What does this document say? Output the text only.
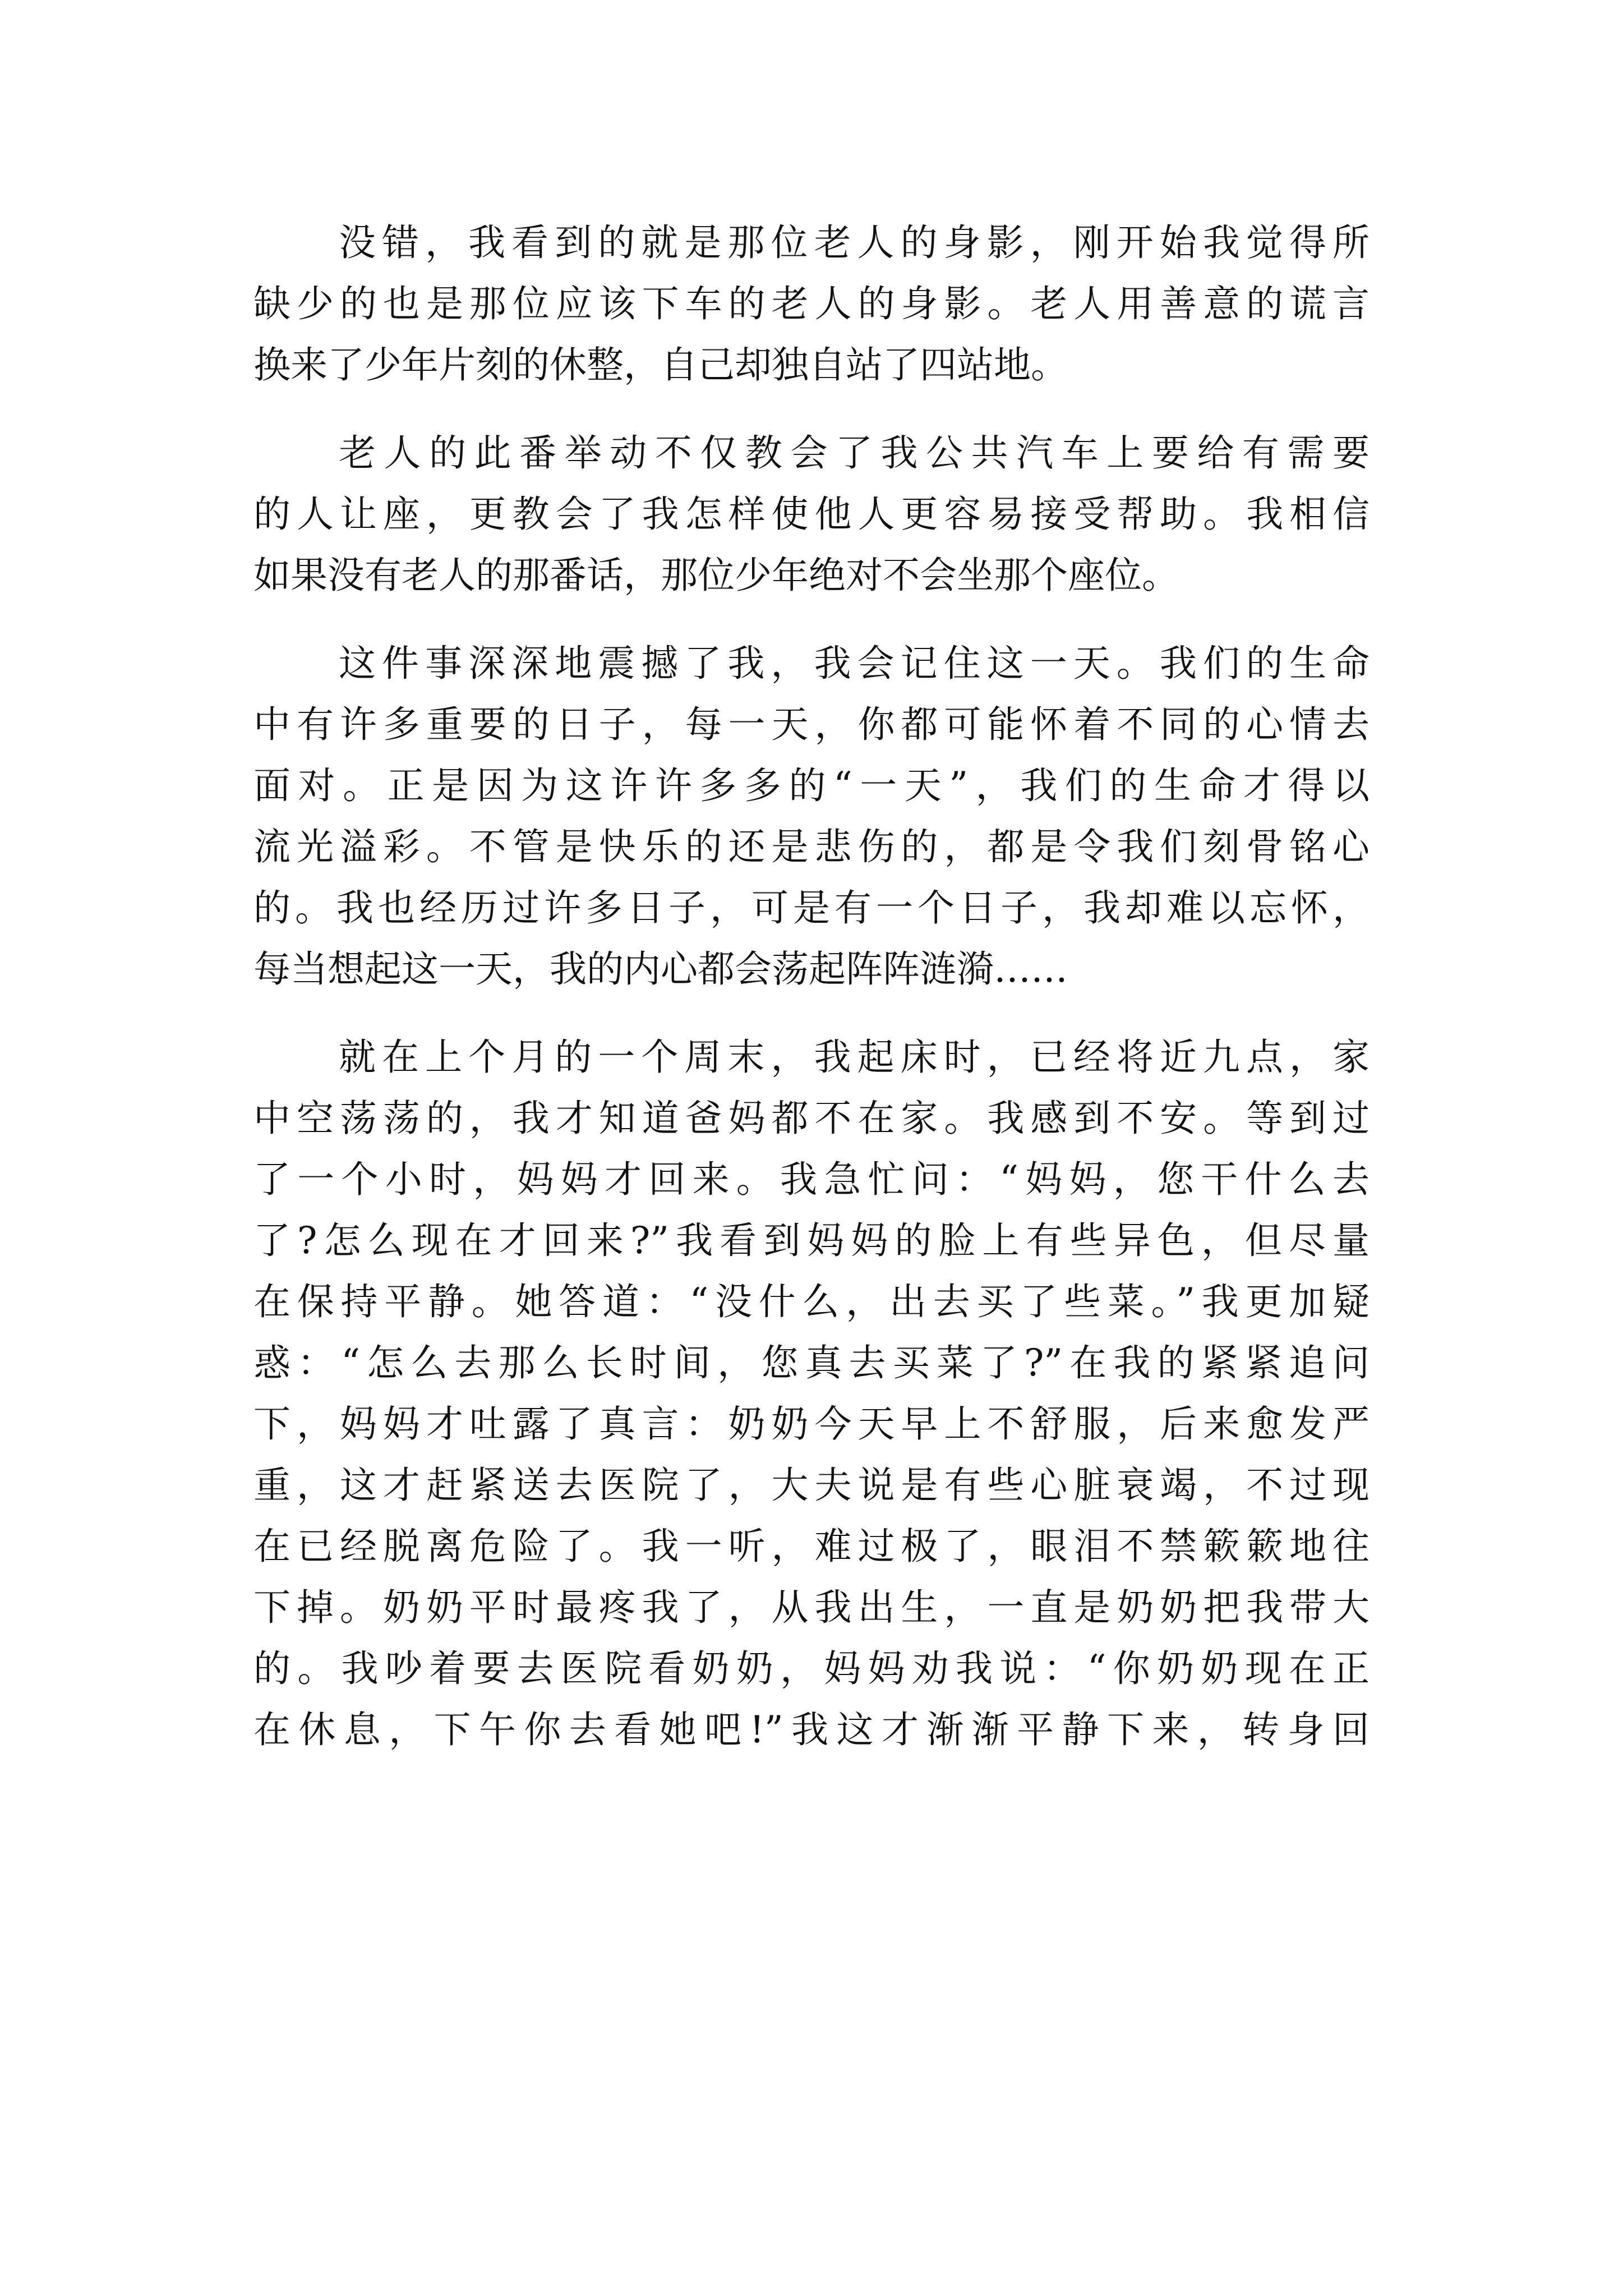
没错，我看到的就是那位老人的身影，刚开始我觉得所
缺少的也是那位应该下车的老人的身影。老人用善意的谎言
换来了少年片刻的休整，自己却独自站了四站地。
老人的此番举动不仅教会了我公共汽车上要给有需要
的人让座，更教会了我怎样使他人更容易接受帮助。我相信
如果没有老人的那番话，那位少年绝对不会坐那个座位。
这件事深深地震撼了我，我会记住这一天。我们的生命
中有许多重要的日子，每一天，你都可能怀着不同的心情去
面对。正是因为这许许多多的“一天”，我们的生命才得以
流光溢彩。不管是快乐的还是悲伤的，都是令我们刻骨铭心
的。我也经历过许多日子，可是有一个日子，我却难以忘怀，
每当想起这一天，我的内心都会荡起阵阵涟漪……
就在上个月的一个周末，我起床时，已经将近九点，家
中空荡荡的，我才知道爸妈都不在家。我感到不安。等到过
了一个小时，妈妈才回来。我急忙问：“妈妈，您干什么去
了?怎么现在才回来?”我看到妈妈的脸上有些异色，但尽量
在保持平静。她答道：“没什么，出去买了些菜。”我更加疑
惑：“怎么去那么长时间，您真去买菜了?”在我的紧紧追问
下，妈妈才吐露了真言：奶奶今天早上不舒服，后来愈发严
重，这才赶紧送去医院了，大夫说是有些心脏衰竭，不过现
在已经脱离危险了。我一听，难过极了，眼泪不禁簌簌地往
下掉。奶奶平时最疼我了，从我出生，一直是奶奶把我带大
的。我吵着要去医院看奶奶，妈妈劝我说：“你奶奶现在正
在休息，下午你去看她吧!”我这才渐渐平静下来，转身回
